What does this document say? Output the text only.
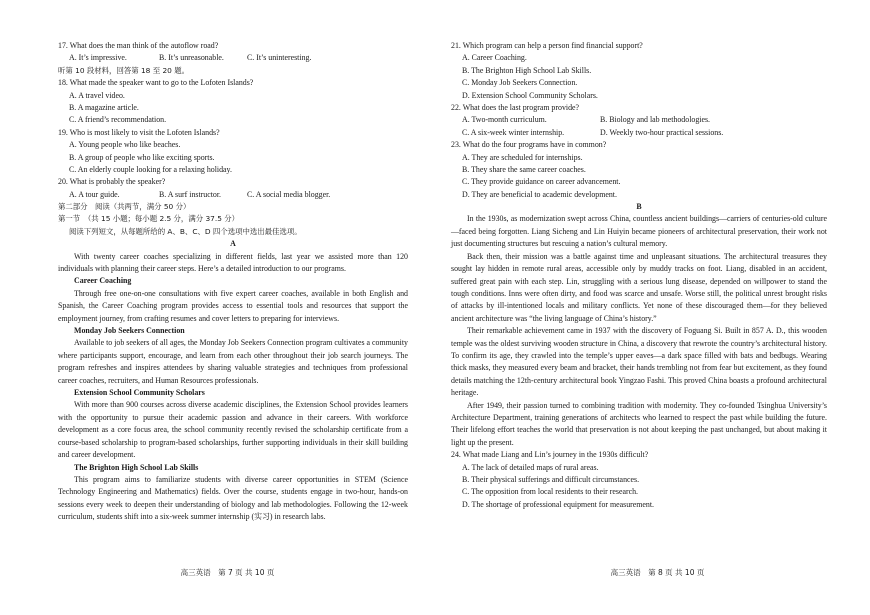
17. What does the man think of the autoflow road?
A. It’s impressive.	B. It’s unreasonable.	C. It’s uninteresting.
听第 10 段材料，回答第 18 至 20 题。
18. What made the speaker want to go to the Lofoten Islands?
A. A travel video.
B. A magazine article.
C. A friend’s recommendation.
19. Who is most likely to visit the Lofoten Islands?
A. Young people who like beaches.
B. A group of people who like exciting sports.
C. An elderly couple looking for a relaxing holiday.
20. What is probably the speaker?
A. A tour guide.	B. A surf instructor.	C. A social media blogger.
第二部分　阅读（共两节，满分 50 分）
第一节　（共 15 小题；每小题 2.5 分，满分 37.5 分）
阅读下列短文，从每题所给的 A、B、C、D 四个选项中选出最佳选项。
A

With twenty career coaches specializing in different fields, last year we assisted more than 120 individuals with planning their career steps. Here’s a detailed introduction to our programs.

Career Coaching

Through free one-on-one consultations with five expert career coaches, available in both English and Spanish, the Career Coaching program provides access to essential tools and resources that support the employment journey, from crafting resumes and cover letters to preparing for interviews.

Monday Job Seekers Connection

Available to job seekers of all ages, the Monday Job Seekers Connection program cultivates a community where participants support, encourage, and learn from each other throughout their job search journeys. The program refreshes and inspires attendees by sharing valuable strategies and techniques from professional career coaches, recruiters, and Human Resources professionals.

Extension School Community Scholars

With more than 900 courses across diverse academic disciplines, the Extension School provides learners with the opportunity to pursue their academic passion and advance in their careers. With workforce development as a core focus area, the school community recently revised the scholarship certificate from a course-based scholarship to program-based scholarships, further supporting individuals in their skill building and career development.

The Brighton High School Lab Skills

This program aims to familiarize students with diverse career opportunities in STEM (Science Technology Engineering and Mathematics) fields. Over the course, students engage in two-hour, hands-on sessions every week to deepen their understanding of biology and lab methodologies. Following the 12-week curriculum, students shift into a six-week summer internship (实习) in research labs.

高三英语　第 7 页 共 10 页
21. Which program can help a person find financial support?
A. Career Coaching.
B. The Brighton High School Lab Skills.
C. Monday Job Seekers Connection.
D. Extension School Community Scholars.
22. What does the last program provide?
A. Two-month curriculum.	B. Biology and lab methodologies.
C. A six-week winter internship.	D. Weekly two-hour practical sessions.
23. What do the four programs have in common?
A. They are scheduled for internships.
B. They share the same career coaches.
C. They provide guidance on career advancement.
D. They are beneficial to academic development.
B

In the 1930s, as modernization swept across China, countless ancient buildings—carriers of centuries-old culture—faced being forgotten. Liang Sicheng and Lin Huiyin became pioneers of architectural preservation, their work not just documenting structures but rescuing a nation’s cultural memory.

Back then, their mission was a battle against time and unpleasant situations. The architectural treasures they sought lay hidden in remote rural areas, accessible only by muddy tracks on foot. Liang, disabled in an accident, suffered great pain with each step. Lin, struggling with a serious lung disease, depended on willpower to stand the tough conditions. Inns were often dirty, and food was scarce and unsafe. Worse still, the political unrest brought risks of attacks by ill-intentioned locals and military conflicts. Yet none of these discouraged them—for they believed ancient architecture was “the living language of China’s history.”

Their remarkable achievement came in 1937 with the discovery of Foguang Si. Built in 857 A. D., this wooden temple was the oldest surviving wooden structure in China, a discovery that rewrote the country’s architectural history. To confirm its age, they crawled into the temple’s upper eaves—a dark space filled with bats and bedbugs. Wearing thick masks, they measured every beam and bracket, their hands trembling not from fear but excitement, as they found details matching the 12th-century architectural book Yingzao Fashi. This proved China boasts a profound architectural heritage.

After 1949, their passion turned to combining tradition with modernity. They co-founded Tsinghua University’s Architecture Department, training generations of architects who learned to respect the past while building the future. Their lifelong effort teaches the world that preservation is not about keeping the past unchanged, but about making it light up the present.

24. What made Liang and Lin’s journey in the 1930s difficult?
A. The lack of detailed maps of rural areas.
B. Their physical sufferings and difficult circumstances.
C. The opposition from local residents to their research.
D. The shortage of professional equipment for measurement.
高三英语　第 8 页 共 10 页
